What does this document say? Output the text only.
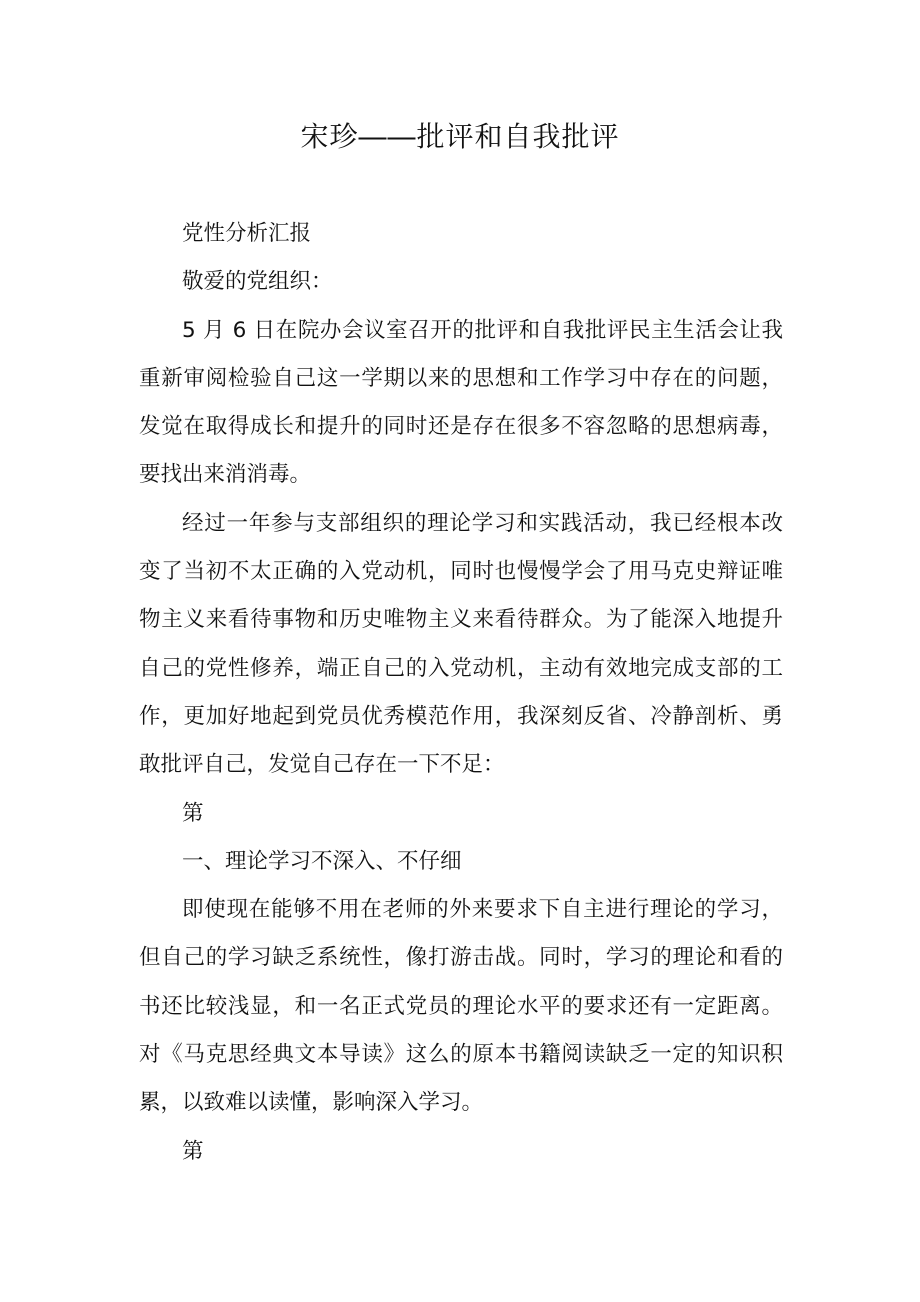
宋珍――批评和自我批评

党性分析汇报

敬爱的党组织：

5 月 6 日在院办会议室召开的批评和自我批评民主生活会让我重新审阅检验自己这一学期以来的思想和工作学习中存在的问题，发觉在取得成长和提升的同时还是存在很多不容忽略的思想病毒，要找出来消消毒。

经过一年参与支部组织的理论学习和实践活动，我已经根本改变了当初不太正确的入党动机，同时也慢慢学会了用马克史辩证唯物主义来看待事物和历史唯物主义来看待群众。为了能深入地提升自己的党性修养，端正自己的入党动机，主动有效地完成支部的工作，更加好地起到党员优秀模范作用，我深刻反省、冷静剖析、勇敢批评自己，发觉自己存在一下不足：

第

一、理论学习不深入、不仔细

即使现在能够不用在老师的外来要求下自主进行理论的学习，但自己的学习缺乏系统性，像打游击战。同时，学习的理论和看的书还比较浅显，和一名正式党员的理论水平的要求还有一定距离。对《马克思经典文本导读》这么的原本书籍阅读缺乏一定的知识积累，以致难以读懂，影响深入学习。

第
